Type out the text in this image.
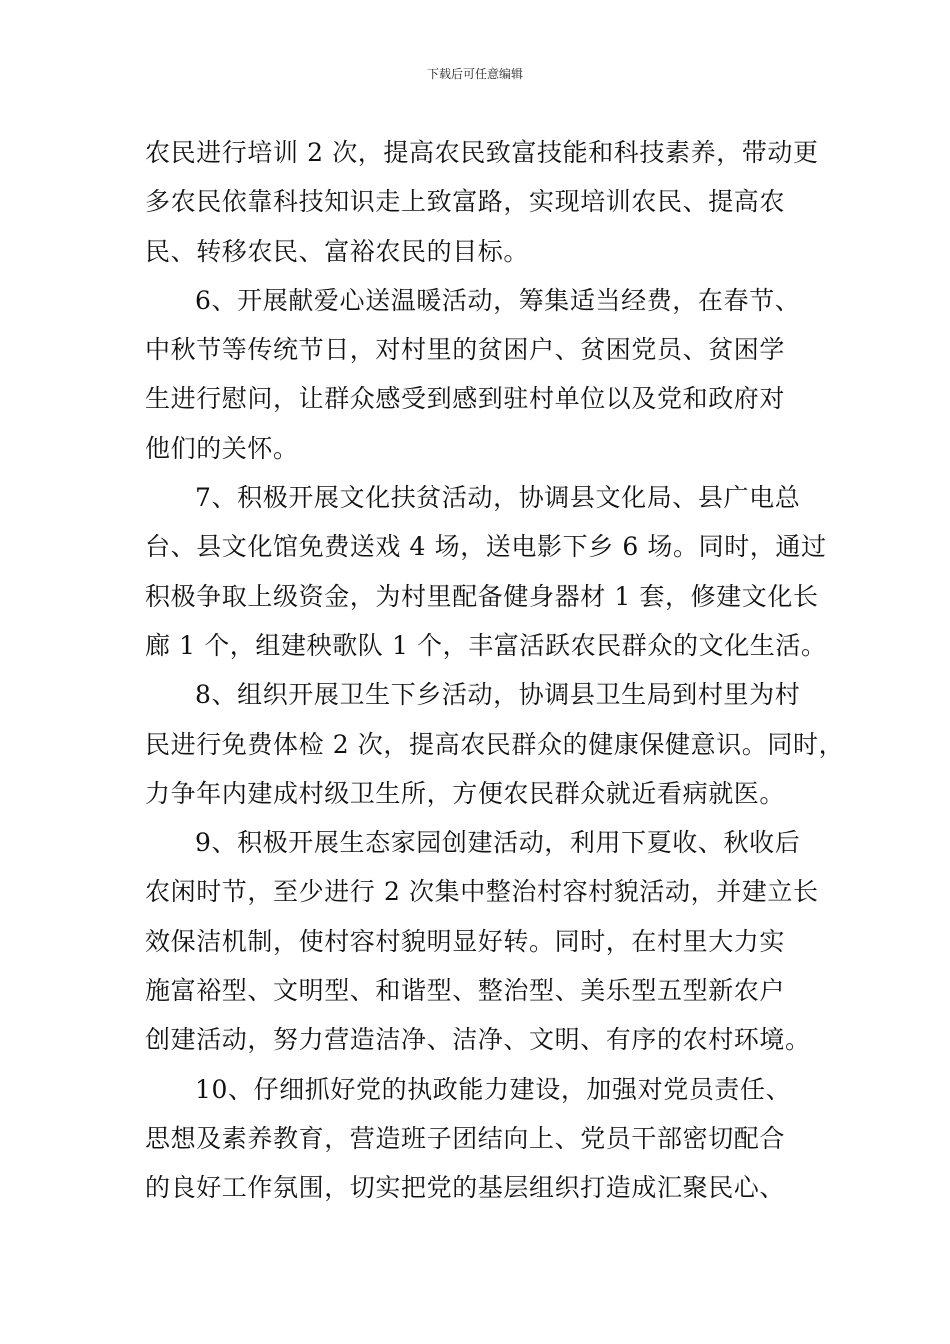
下载后可任意编辑
农民进行培训 2 次，提高农民致富技能和科技素养，带动更
多农民依靠科技知识走上致富路，实现培训农民、提高农
民、转移农民、富裕农民的目标。
6、开展献爱心送温暖活动，筹集适当经费，在春节、
中秋节等传统节日，对村里的贫困户、贫困党员、贫困学
生进行慰问，让群众感受到感到驻村单位以及党和政府对
他们的关怀。
7、积极开展文化扶贫活动，协调县文化局、县广电总
台、县文化馆免费送戏 4 场，送电影下乡 6 场。同时，通过
积极争取上级资金，为村里配备健身器材 1 套，修建文化长
廊 1 个，组建秧歌队 1 个，丰富活跃农民群众的文化生活。
8、组织开展卫生下乡活动，协调县卫生局到村里为村
民进行免费体检 2 次，提高农民群众的健康保健意识。同时，
力争年内建成村级卫生所，方便农民群众就近看病就医。
9、积极开展生态家园创建活动，利用下夏收、秋收后
农闲时节，至少进行 2 次集中整治村容村貌活动，并建立长
效保洁机制，使村容村貌明显好转。同时，在村里大力实
施富裕型、文明型、和谐型、整治型、美乐型五型新农户
创建活动，努力营造洁净、洁净、文明、有序的农村环境。
10、仔细抓好党的执政能力建设，加强对党员责任、
思想及素养教育，营造班子团结向上、党员干部密切配合
的良好工作氛围，切实把党的基层组织打造成汇聚民心、
